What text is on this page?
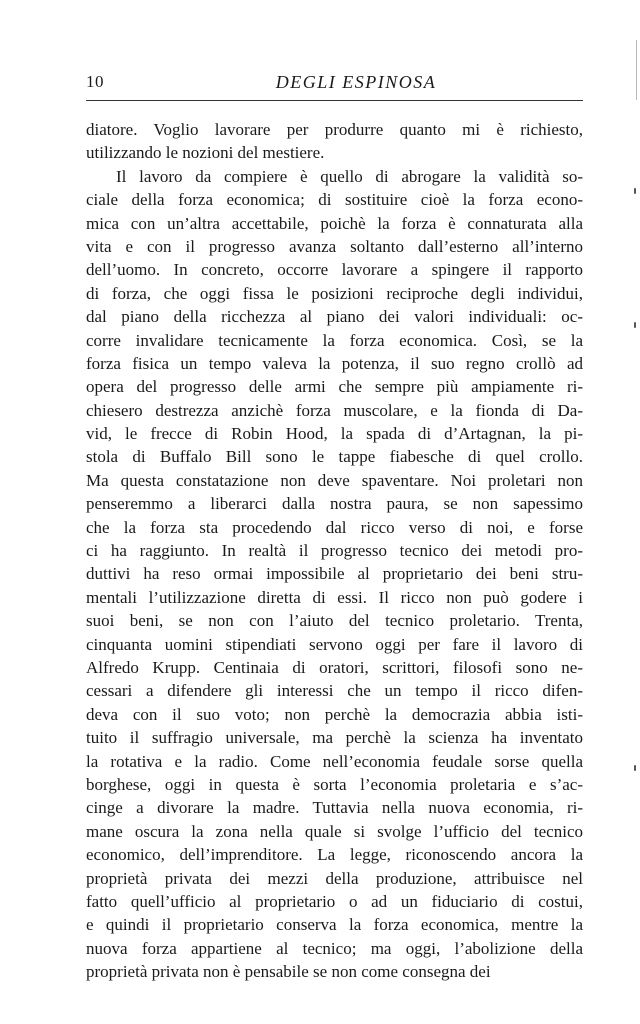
10	DEGLI ESPINOSA
diatore. Voglio lavorare per produrre quanto mi è richiesto,
utilizzando le nozioni del mestiere.
Il lavoro da compiere è quello di abrogare la validità so-
ciale della forza economica; di sostituire cioè la forza econo-
mica con un’altra accettabile, poichè la forza è connaturata alla
vita e con il progresso avanza soltanto dall’esterno all’interno
dell’uomo. In concreto, occorre lavorare a spingere il rapporto
di forza, che oggi fissa le posizioni reciproche degli individui,
dal piano della ricchezza al piano dei valori individuali: oc-
corre invalidare tecnicamente la forza economica. Così, se la
forza fisica un tempo valeva la potenza, il suo regno crollò ad
opera del progresso delle armi che sempre più ampiamente ri-
chiesero destrezza anzichè forza muscolare, e la fionda di Da-
vid, le frecce di Robin Hood, la spada di d’Artagnan, la pi-
stola di Buffalo Bill sono le tappe fiabesche di quel crollo.
Ma questa constatazione non deve spaventare. Noi proletari non
penseremmo a liberarci dalla nostra paura, se non sapessimo
che la forza sta procedendo dal ricco verso di noi, e forse
ci ha raggiunto. In realtà il progresso tecnico dei metodi pro-
duttivi ha reso ormai impossibile al proprietario dei beni stru-
mentali l’utilizzazione diretta di essi. Il ricco non può godere i
suoi beni, se non con l’aiuto del tecnico proletario. Trenta,
cinquanta uomini stipendiati servono oggi per fare il lavoro di
Alfredo Krupp. Centinaia di oratori, scrittori, filosofi sono ne-
cessari a difendere gli interessi che un tempo il ricco difen-
deva con il suo voto; non perchè la democrazia abbia isti-
tuito il suffragio universale, ma perchè la scienza ha inventato
la rotativa e la radio. Come nell’economia feudale sorse quella
borghese, oggi in questa è sorta l’economia proletaria e s’ac-
cinge a divorare la madre. Tuttavia nella nuova economia, ri-
mane oscura la zona nella quale si svolge l’ufficio del tecnico
economico, dell’imprenditore. La legge, riconoscendo ancora la
proprietà privata dei mezzi della produzione, attribuisce nel
fatto quell’ufficio al proprietario o ad un fiduciario di costui,
e quindi il proprietario conserva la forza economica, mentre la
nuova forza appartiene al tecnico; ma oggi, l’abolizione della
proprietà privata non è pensabile se non come consegna dei
